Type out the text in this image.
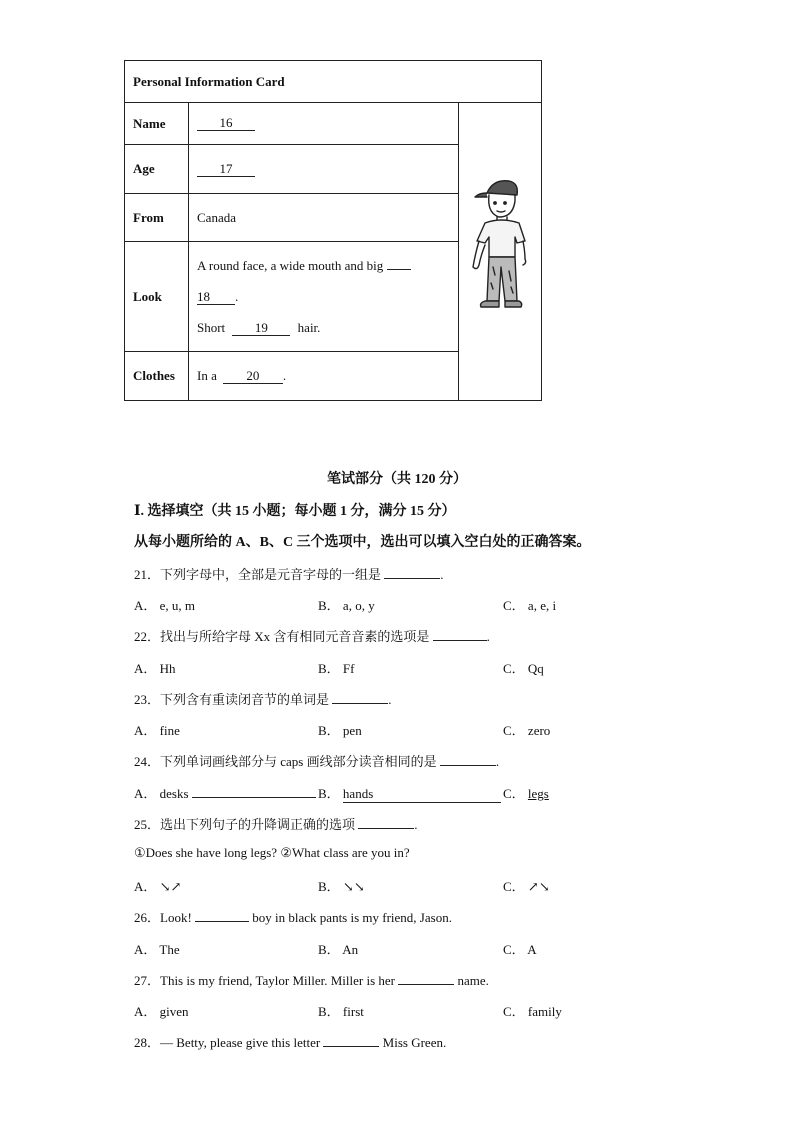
Personal Information Card
Name	16
Age	17
From	Canada
Look
A round face, a wide mouth and big
18 .
Short 19 hair.
Clothes	In a	20	.
笔试部分（共 120 分）
Ⅰ. 选择填空（共 15 小题；每小题 1 分，满分 15 分）
从每小题所给的 A、B、C 三个选项中，选出可以填入空白处的正确答案。
21．下列字母中，全部是元音字母的一组是	.
A． e, u, m	B． a, o, y	C． a, e, i
22．找出与所给字母 Xx 含有相同元音音素的选项是	.
A． Hh	B． Ff	C． Qq
23．下列含有重读闭音节的单词是	.
A． fine	B． pen	C． zero
24．下列单词画线部分与 caps 画线部分读音相同的是	.
A． desks	B． hands	C． legs
25．选出下列句子的升降调正确的选项	.
①Does she have long legs? ②What class are you in?
A． ↘↗	B． ↘↘	C． ↗↘
26．Look!	boy in black pants is my friend, Jason.
A． The	B． An	C． A
27．This is my friend, Taylor Miller. Miller is her	name.
A． given	B． first	C． family
28．— Betty, please give this letter	Miss Green.
